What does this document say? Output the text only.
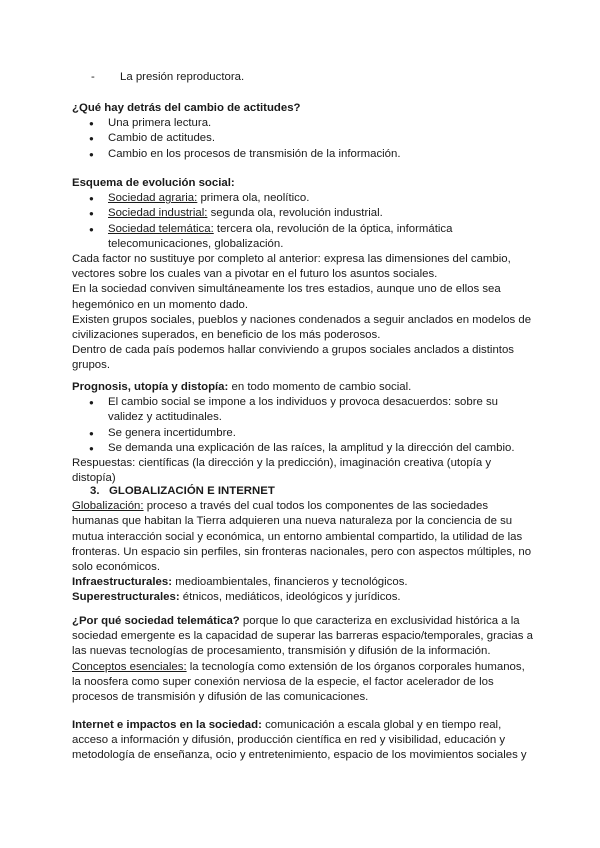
- La presión reproductora.

¿Qué hay detrás del cambio de actitudes?

● Una primera lectura.
● Cambio de actitudes.
● Cambio en los procesos de transmisión de la información.

Esquema de evolución social:

● Sociedad agraria: primera ola, neolítico.
● Sociedad industrial: segunda ola, revolución industrial.
● Sociedad telemática: tercera ola, revolución de la óptica, informática telecomunicaciones, globalización.

Cada factor no sustituye por completo al anterior: expresa las dimensiones del cambio, vectores sobre los cuales van a pivotar en el futuro los asuntos sociales.

En la sociedad conviven simultáneamente los tres estadios, aunque uno de ellos sea hegemónico en un momento dado.

Existen grupos sociales, pueblos y naciones condenados a seguir anclados en modelos de civilizaciones superados, en beneficio de los más poderosos.

Dentro de cada país podemos hallar conviviendo a grupos sociales anclados a distintos grupos.

Prognosis, utopía y distopía: en todo momento de cambio social.

● El cambio social se impone a los individuos y provoca desacuerdos: sobre su validez y actitudinales.
● Se genera incertidumbre.
● Se demanda una explicación de las raíces, la amplitud y la dirección del cambio.

Respuestas: científicas (la dirección y la predicción), imaginación creativa (utopía y distopía)

3. GLOBALIZACIÓN E INTERNET

Globalización: proceso a través del cual todos los componentes de las sociedades humanas que habitan la Tierra adquieren una nueva naturaleza por la conciencia de su mutua interacción social y económica, un entorno ambiental compartido, la utilidad de las fronteras. Un espacio sin perfiles, sin fronteras nacionales, pero con aspectos múltiples, no solo económicos.

Infraestructurales: medioambientales, financieros y tecnológicos.

Superestructurales: étnicos, mediáticos, ideológicos y jurídicos.

¿Por qué sociedad telemática? porque lo que caracteriza en exclusividad histórica a la sociedad emergente es la capacidad de superar las barreras espacio/temporales, gracias a las nuevas tecnologías de procesamiento, transmisión y difusión de la información.

Conceptos esenciales: la tecnología como extensión de los órganos corporales humanos, la noosfera como super conexión nerviosa de la especie, el factor acelerador de los procesos de transmisión y difusión de las comunicaciones.

Internet e impactos en la sociedad: comunicación a escala global y en tiempo real, acceso a información y difusión, producción científica en red y visibilidad, educación y metodología de enseñanza, ocio y entretenimiento, espacio de los movimientos sociales y
